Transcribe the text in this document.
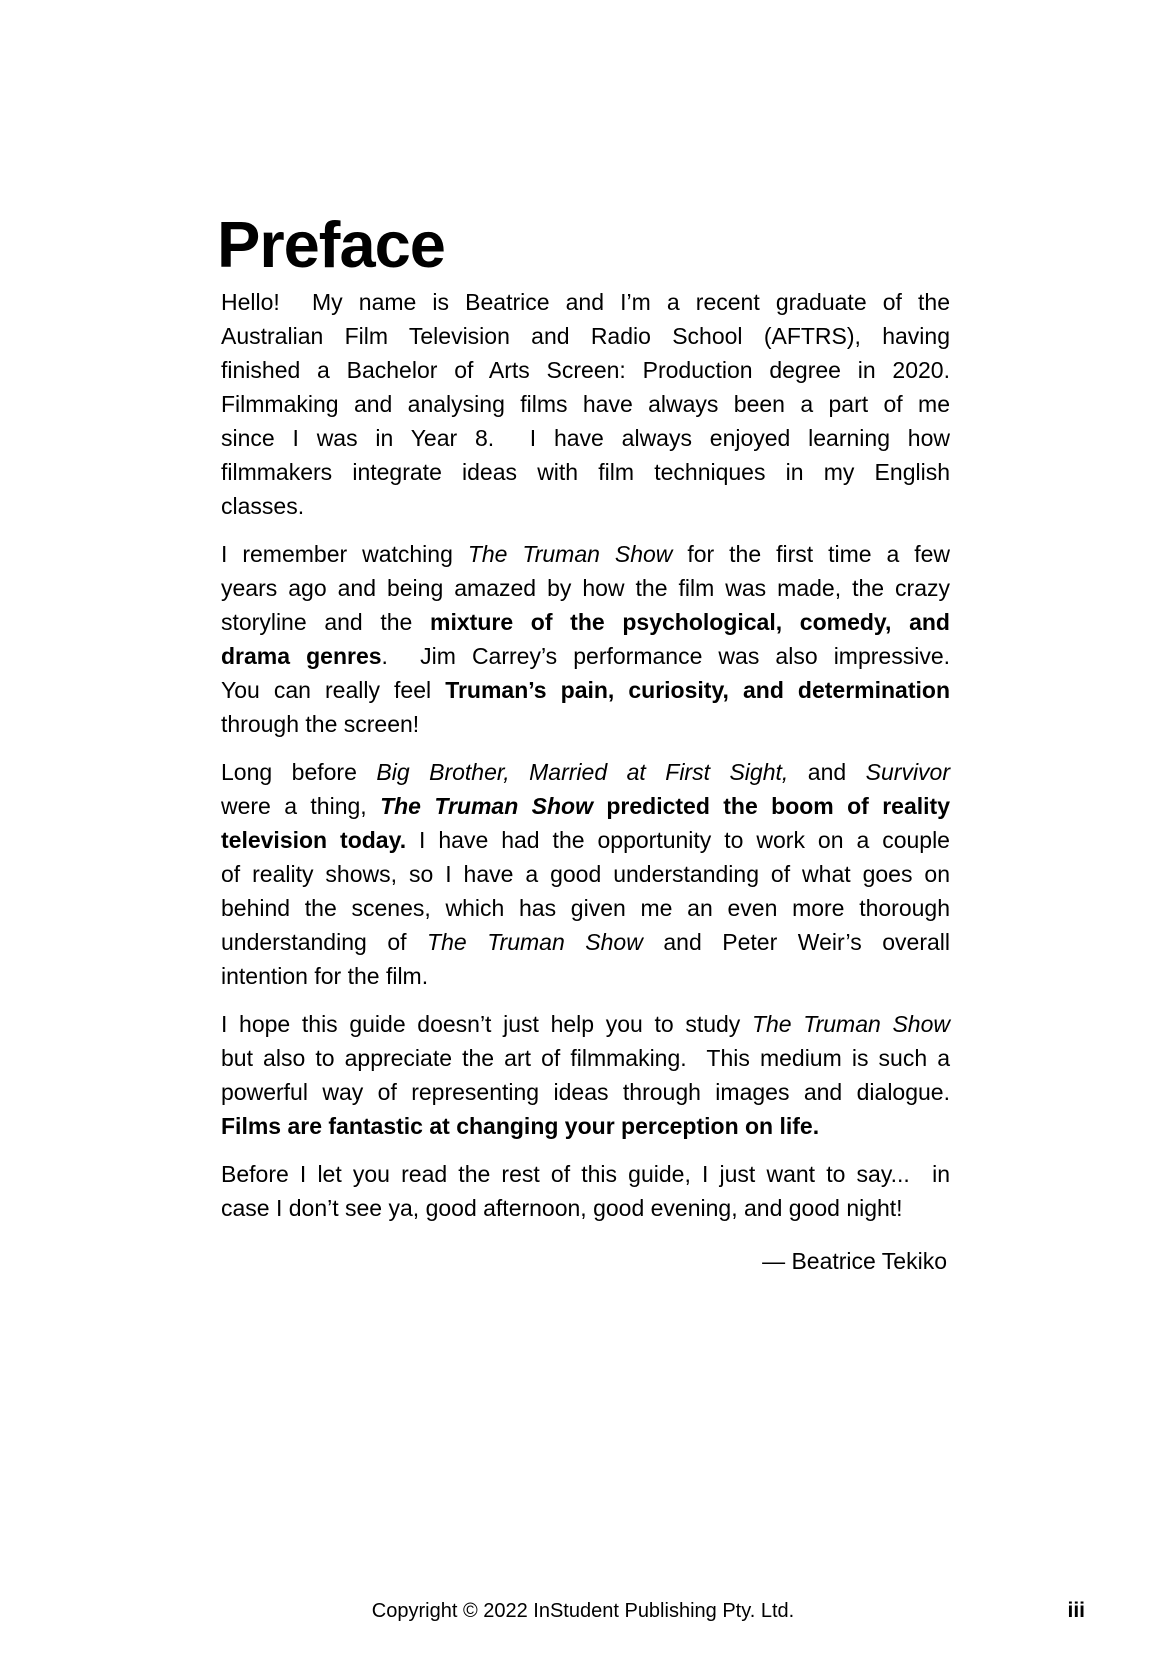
Preface
Hello!  My name is Beatrice and I’m a recent graduate of the
Australian Film Television and Radio School (AFTRS), having
finished a Bachelor of Arts Screen: Production degree in 2020.
Filmmaking and analysing films have always been a part of me
since I was in Year 8.  I have always enjoyed learning how
filmmakers integrate ideas with film techniques in my English
classes.
I remember watching The Truman Show for the first time a few
years ago and being amazed by how the film was made, the crazy
storyline and the mixture of the psychological, comedy, and
drama genres.  Jim Carrey’s performance was also impressive.
You can really feel Truman’s pain, curiosity, and determination
through the screen!
Long before Big Brother, Married at First Sight, and Survivor
were a thing, The Truman Show predicted the boom of reality
television today. I have had the opportunity to work on a couple
of reality shows, so I have a good understanding of what goes on
behind the scenes, which has given me an even more thorough
understanding of The Truman Show and Peter Weir’s overall
intention for the film.
I hope this guide doesn’t just help you to study The Truman Show
but also to appreciate the art of filmmaking.  This medium is such a
powerful way of representing ideas through images and dialogue.
Films are fantastic at changing your perception on life.
Before I let you read the rest of this guide, I just want to say...  in
case I don’t see ya, good afternoon, good evening, and good night!
— Beatrice Tekiko
Copyright © 2022 InStudent Publishing Pty. Ltd.	iii
